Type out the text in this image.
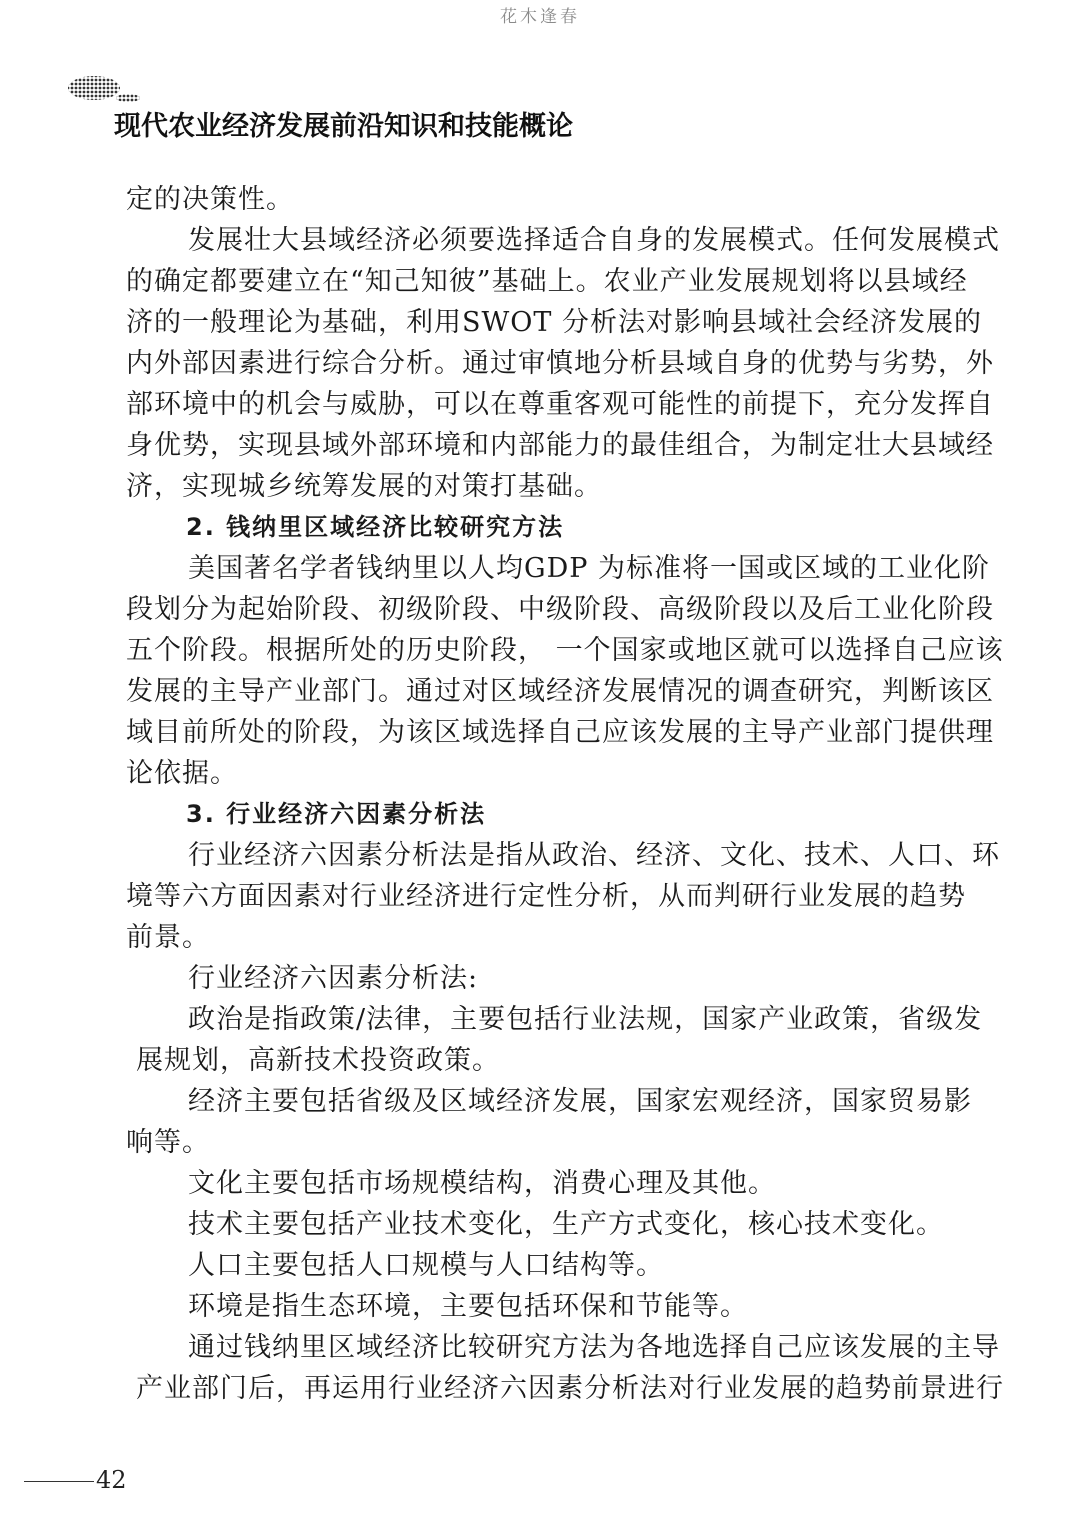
花木逢春
现代农业经济发展前沿知识和技能概论

定的决策性。

发展壮大县域经济必须要选择适合自身的发展模式。任何发展模式

的确定都要建立在“知己知彼”基础上。农业产业发展规划将以县域经

济的一般理论为基础，利用SWOT 分析法对影响县域社会经济发展的

内外部因素进行综合分析。通过审慎地分析县域自身的优势与劣势，外

部环境中的机会与威胁，可以在尊重客观可能性的前提下，充分发挥自

身优势，实现县域外部环境和内部能力的最佳组合，为制定壮大县域经

济，实现城乡统筹发展的对策打基础。

2. 钱纳里区域经济比较研究方法

美国著名学者钱纳里以人均GDP 为标准将一国或区域的工业化阶

段划分为起始阶段、初级阶段、中级阶段、高级阶段以及后工业化阶段

五个阶段。根据所处的历史阶段， 一个国家或地区就可以选择自己应该

发展的主导产业部门。通过对区域经济发展情况的调查研究，判断该区

域目前所处的阶段，为该区域选择自己应该发展的主导产业部门提供理

论依据。

3. 行业经济六因素分析法

行业经济六因素分析法是指从政治、经济、文化、技术、人口、环

境等六方面因素对行业经济进行定性分析，从而判研行业发展的趋势

前景。

行业经济六因素分析法:

政治是指政策/法律，主要包括行业法规，国家产业政策，省级发

展规划，高新技术投资政策。

经济主要包括省级及区域经济发展，国家宏观经济，国家贸易影

响等。

文化主要包括市场规模结构，消费心理及其他。

技术主要包括产业技术变化，生产方式变化，核心技术变化。

人口主要包括人口规模与人口结构等。

环境是指生态环境，主要包括环保和节能等。

通过钱纳里区域经济比较研究方法为各地选择自己应该发展的主导

产业部门后，再运用行业经济六因素分析法对行业发展的趋势前景进行

42
